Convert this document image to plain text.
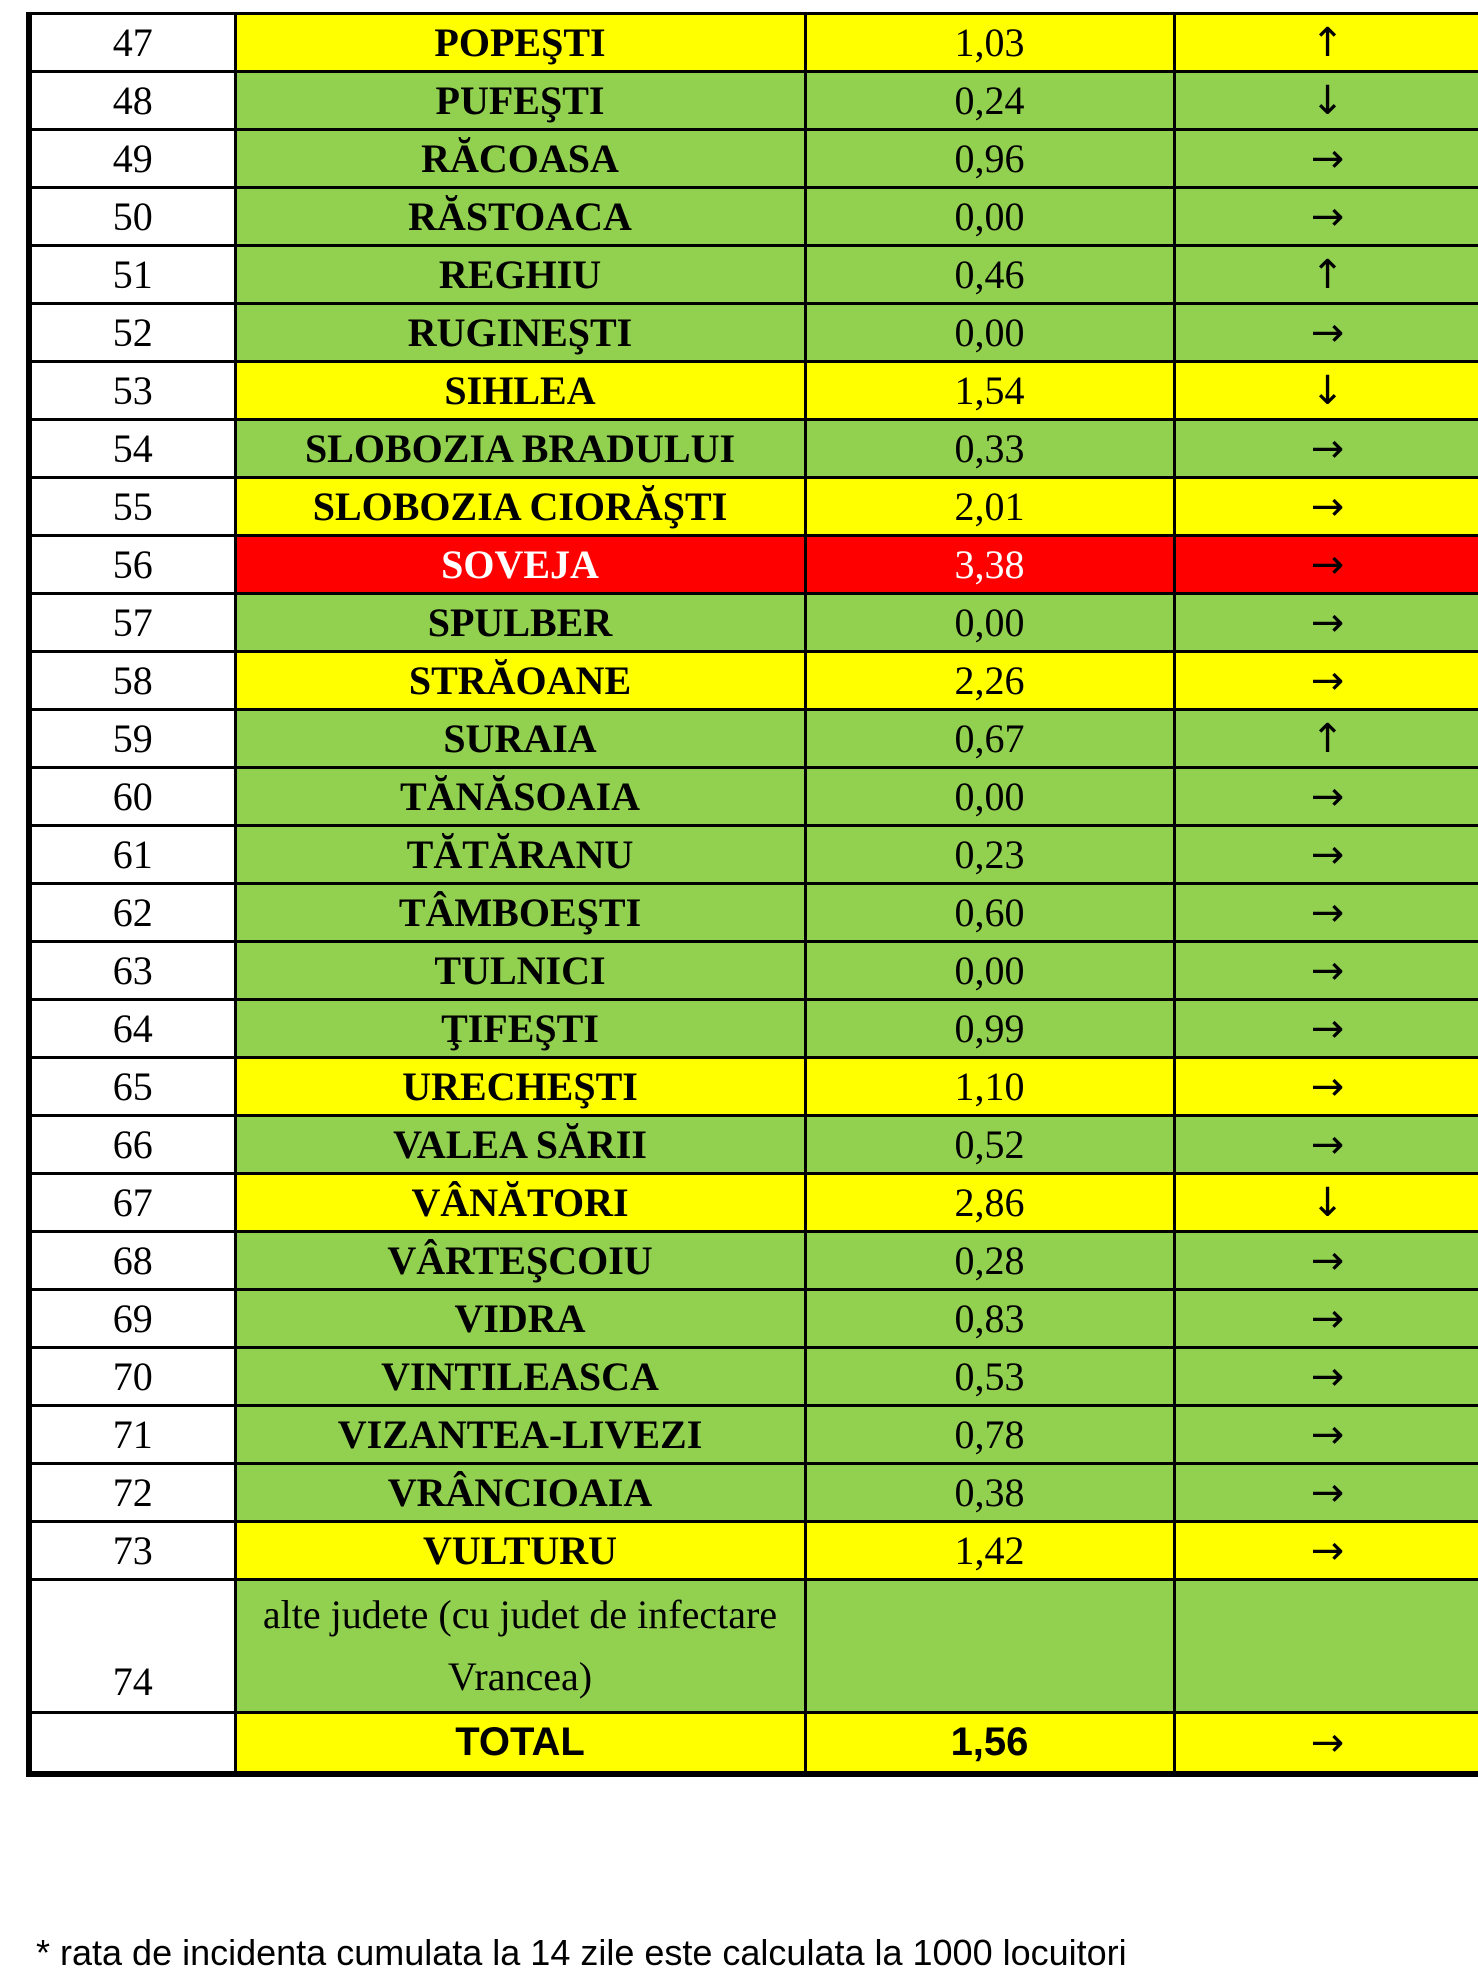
47	POPEŞTI	1,03	↑
48	PUFEŞTI	0,24	↓
49	RĂCOASA	0,96	→
50	RĂSTOACA	0,00	→
51	REGHIU	0,46	↑
52	RUGINEŞTI	0,00	→
53	SIHLEA	1,54	↓
54	SLOBOZIA BRADULUI	0,33	→
55	SLOBOZIA CIORĂŞTI	2,01	→
56	SOVEJA	3,38	→
57	SPULBER	0,00	→
58	STRĂOANE	2,26	→
59	SURAIA	0,67	↑
60	TĂNĂSOAIA	0,00	→
61	TĂTĂRANU	0,23	→
62	TÂMBOEŞTI	0,60	→
63	TULNICI	0,00	→
64	ŢIFEŞTI	0,99	→
65	URECHEŞTI	1,10	→
66	VALEA SĂRII	0,52	→
67	VÂNĂTORI	2,86	↓
68	VÂRTEŞCOIU	0,28	→
69	VIDRA	0,83	→
70	VINTILEASCA	0,53	→
71	VIZANTEA-LIVEZI	0,78	→
72	VRÂNCIOAIA	0,38	→
73	VULTURU	1,42	→
74	alte judete (cu judet de infectare Vrancea)		
	TOTAL	1,56	→
* rata de incidenta cumulata la 14 zile este calculata la 1000 locuitori
